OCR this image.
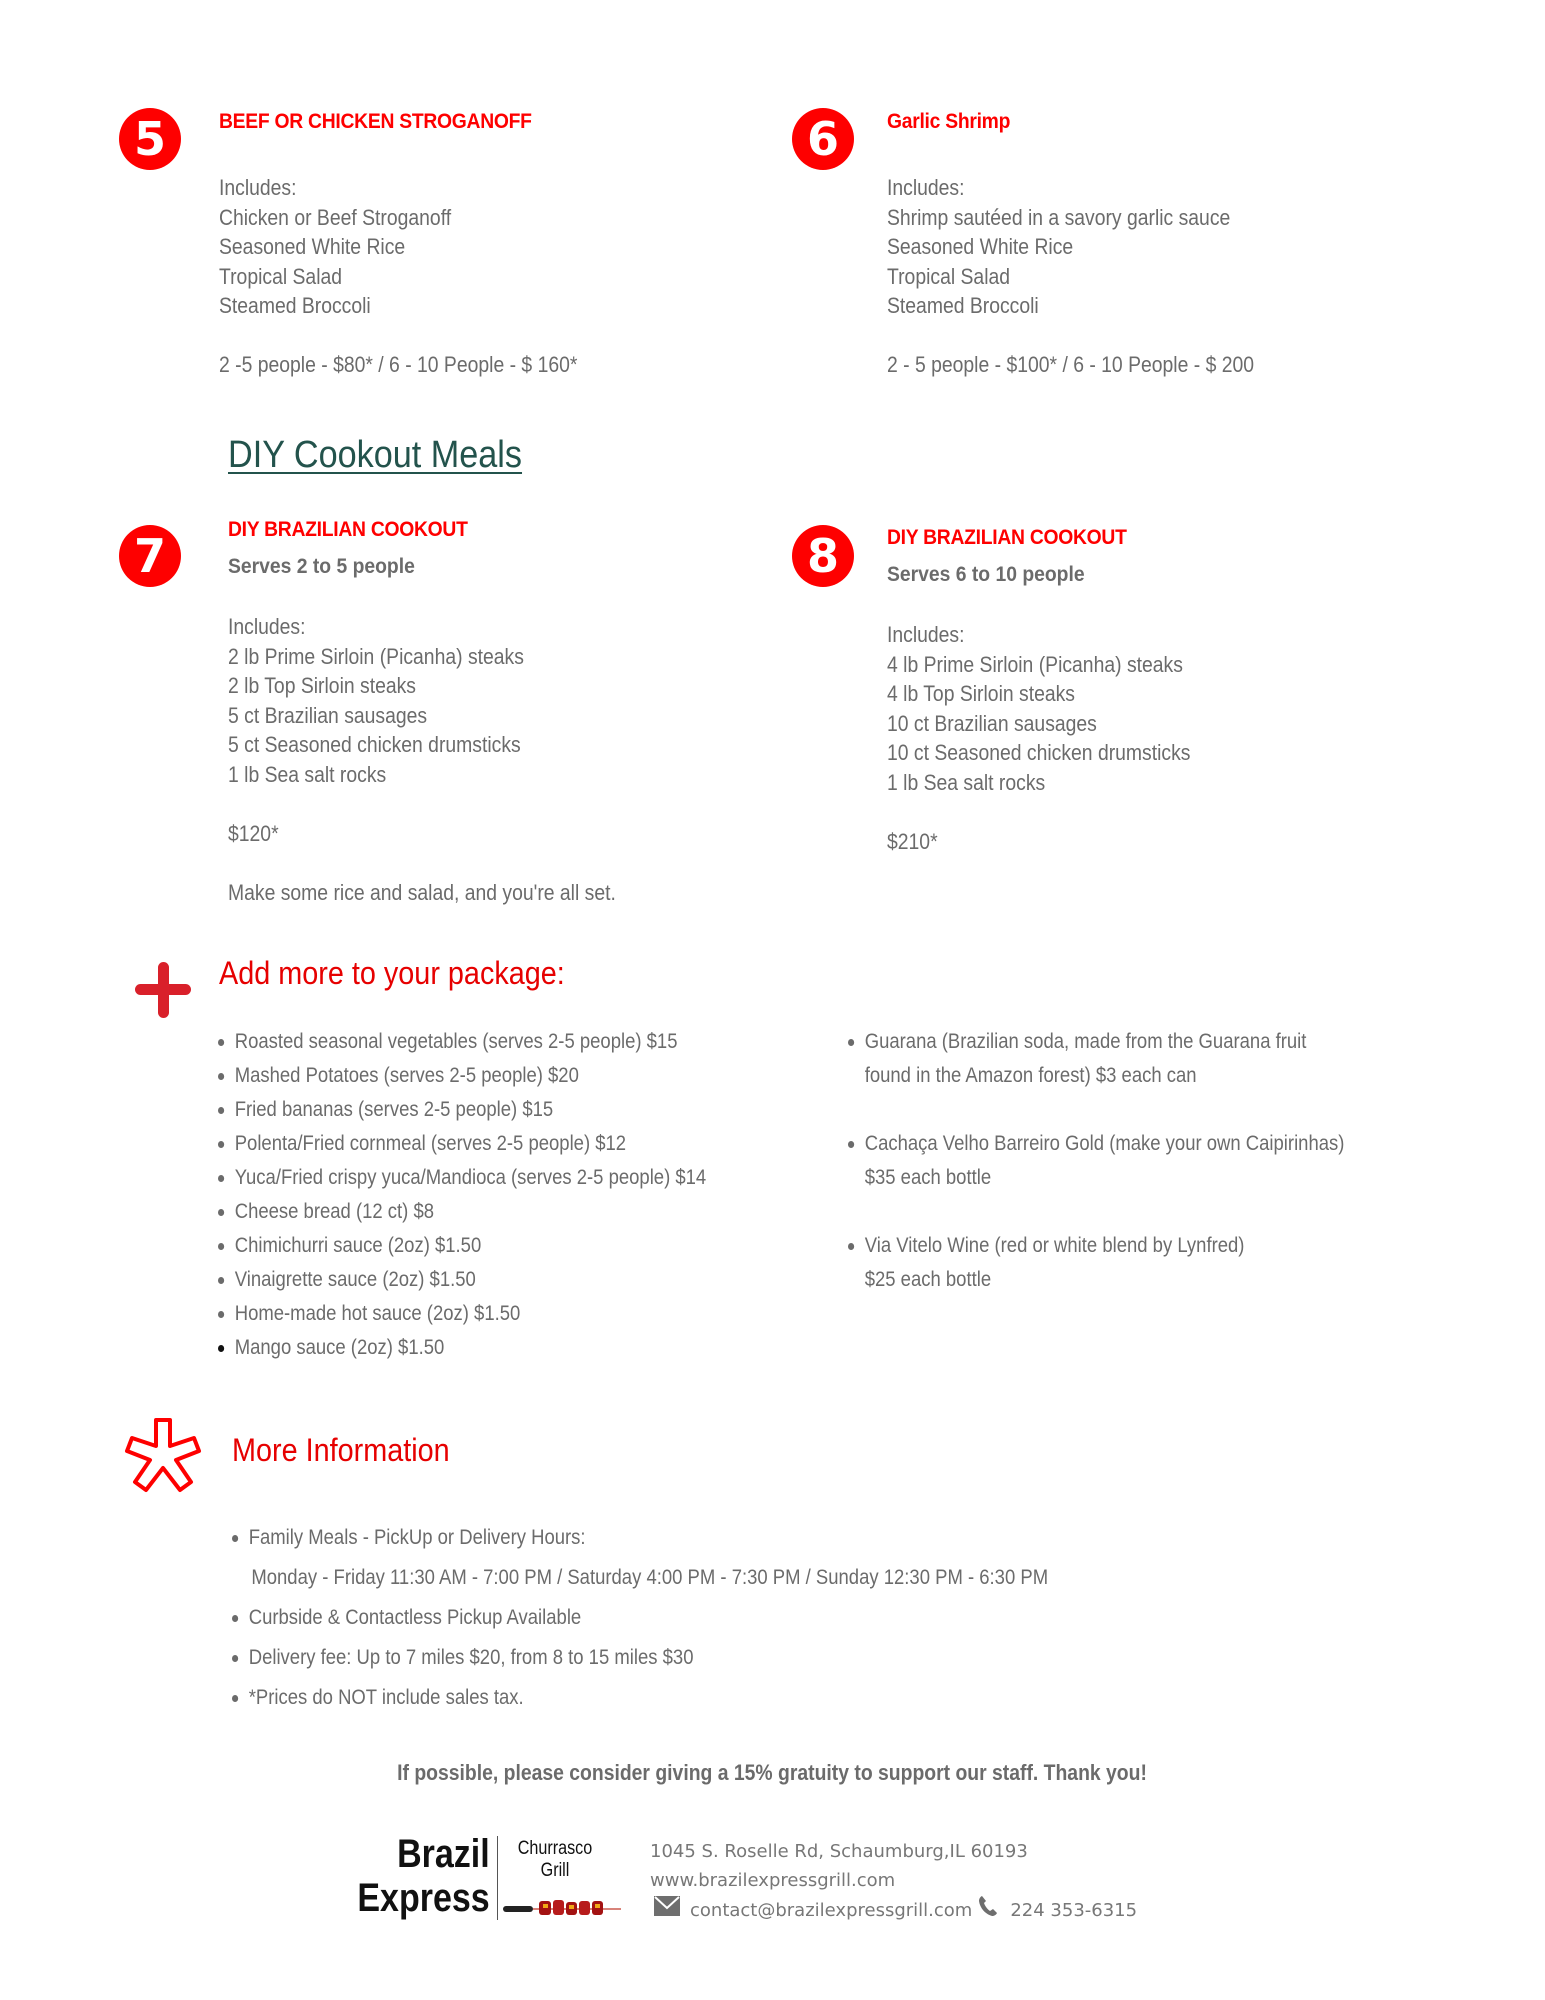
5	BEEF OR CHICKEN STROGANOFF
Includes:
Chicken or Beef Stroganoff
Seasoned White Rice
Tropical Salad
Steamed Broccoli
2 -5 people - $80* / 6 - 10 People - $ 160*
6	Garlic Shrimp
Includes:
Shrimp sautéed in a savory garlic sauce
Seasoned White Rice
Tropical Salad
Steamed Broccoli
2 - 5 people - $100* / 6 - 10 People - $ 200
DIY Cookout Meals
7	DIY BRAZILIAN COOKOUT
Serves 2 to 5 people
Includes:
2 lb Prime Sirloin (Picanha) steaks
2 lb Top Sirloin steaks
5 ct Brazilian sausages
5 ct Seasoned chicken drumsticks
1 lb Sea salt rocks
$120*
Make some rice and salad, and you're all set.
8	DIY BRAZILIAN COOKOUT
Serves 6 to 10 people
Includes:
4 lb Prime Sirloin (Picanha) steaks
4 lb Top Sirloin steaks
10 ct Brazilian sausages
10 ct Seasoned chicken drumsticks
1 lb Sea salt rocks
$210*
Add more to your package:
Roasted seasonal vegetables (serves 2-5 people) $15
Mashed Potatoes (serves 2-5 people) $20
Fried bananas (serves 2-5 people) $15
Polenta/Fried cornmeal (serves 2-5 people) $12
Yuca/Fried crispy yuca/Mandioca (serves 2-5 people) $14
Cheese bread (12 ct) $8
Chimichurri sauce (2oz) $1.50
Vinaigrette sauce (2oz) $1.50
Home-made hot sauce (2oz) $1.50
Mango sauce (2oz) $1.50
Guarana (Brazilian soda, made from the Guarana fruit
found in the Amazon forest) $3 each can
Cachaça Velho Barreiro Gold (make your own Caipirinhas)
$35 each bottle
Via Vitelo Wine (red or white blend by Lynfred)
$25 each bottle
More Information
Family Meals - PickUp or Delivery Hours:
Monday - Friday 11:30 AM - 7:00 PM / Saturday 4:00 PM - 7:30 PM / Sunday 12:30 PM - 6:30 PM
Curbside & Contactless Pickup Available
Delivery fee: Up to 7 miles $20, from 8 to 15 miles $30
*Prices do NOT include sales tax.
If possible, please consider giving a 15% gratuity to support our staff. Thank you!
Brazil
Express
Churrasco
Grill
1045 S. Roselle Rd, Schaumburg,IL 60193
www.brazilexpressgrill.com
contact@brazilexpressgrill.com 224 353-6315
